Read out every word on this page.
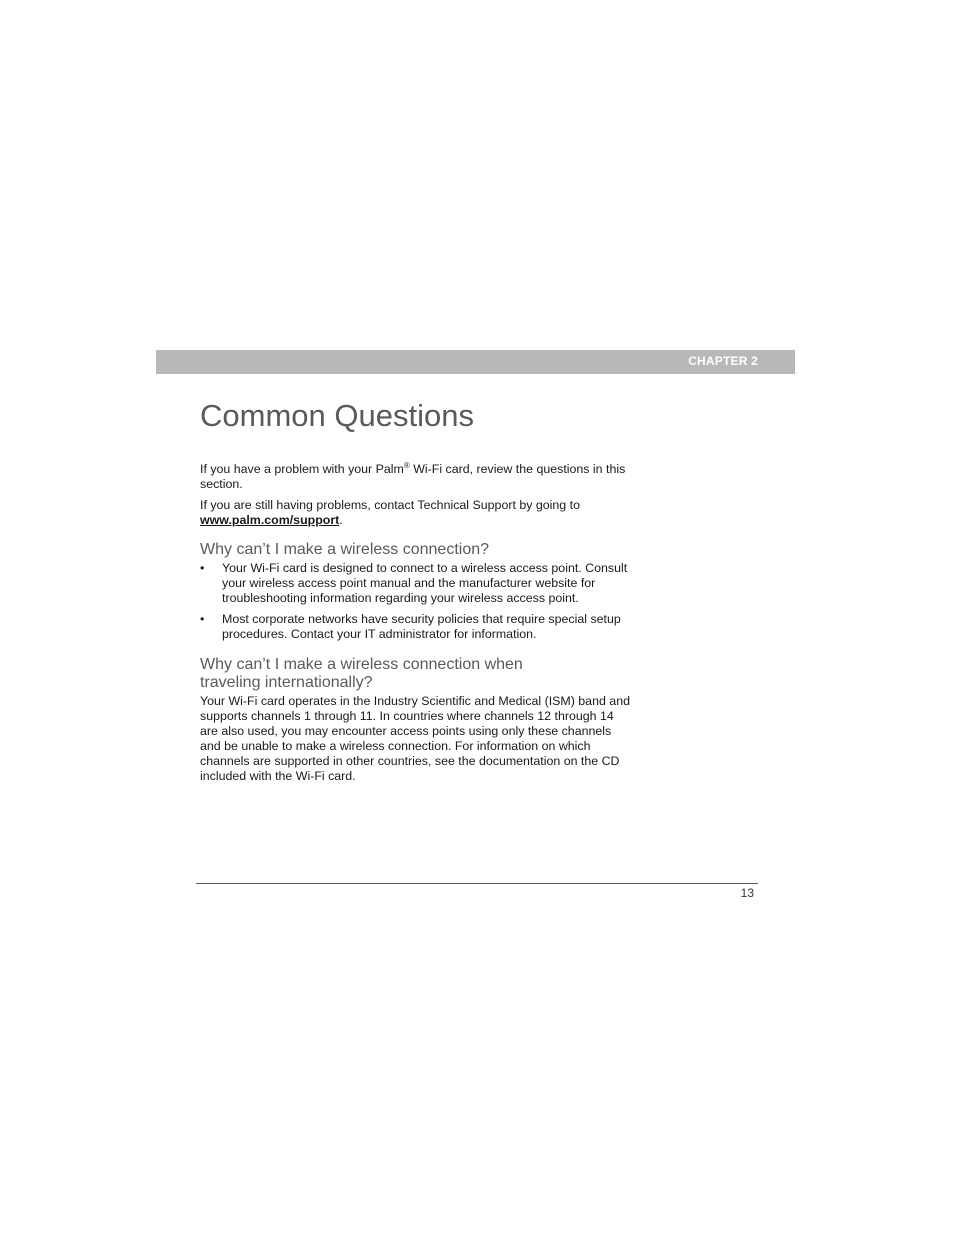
CHAPTER 2
Common Questions

If you have a problem with your Palm® Wi-Fi card, review the questions in this section.

If you are still having problems, contact Technical Support by going to www.palm.com/support.

Why can’t I make a wireless connection?
• Your Wi-Fi card is designed to connect to a wireless access point. Consult your wireless access point manual and the manufacturer website for troubleshooting information regarding your wireless access point.
• Most corporate networks have security policies that require special setup procedures. Contact your IT administrator for information.
Why can’t I make a wireless connection when
traveling internationally?

Your Wi-Fi card operates in the Industry Scientific and Medical (ISM) band and supports channels 1 through 11. In countries where channels 12 through 14 are also used, you may encounter access points using only these channels and be unable to make a wireless connection. For information on which channels are supported in other countries, see the documentation on the CD included with the Wi-Fi card.

13
